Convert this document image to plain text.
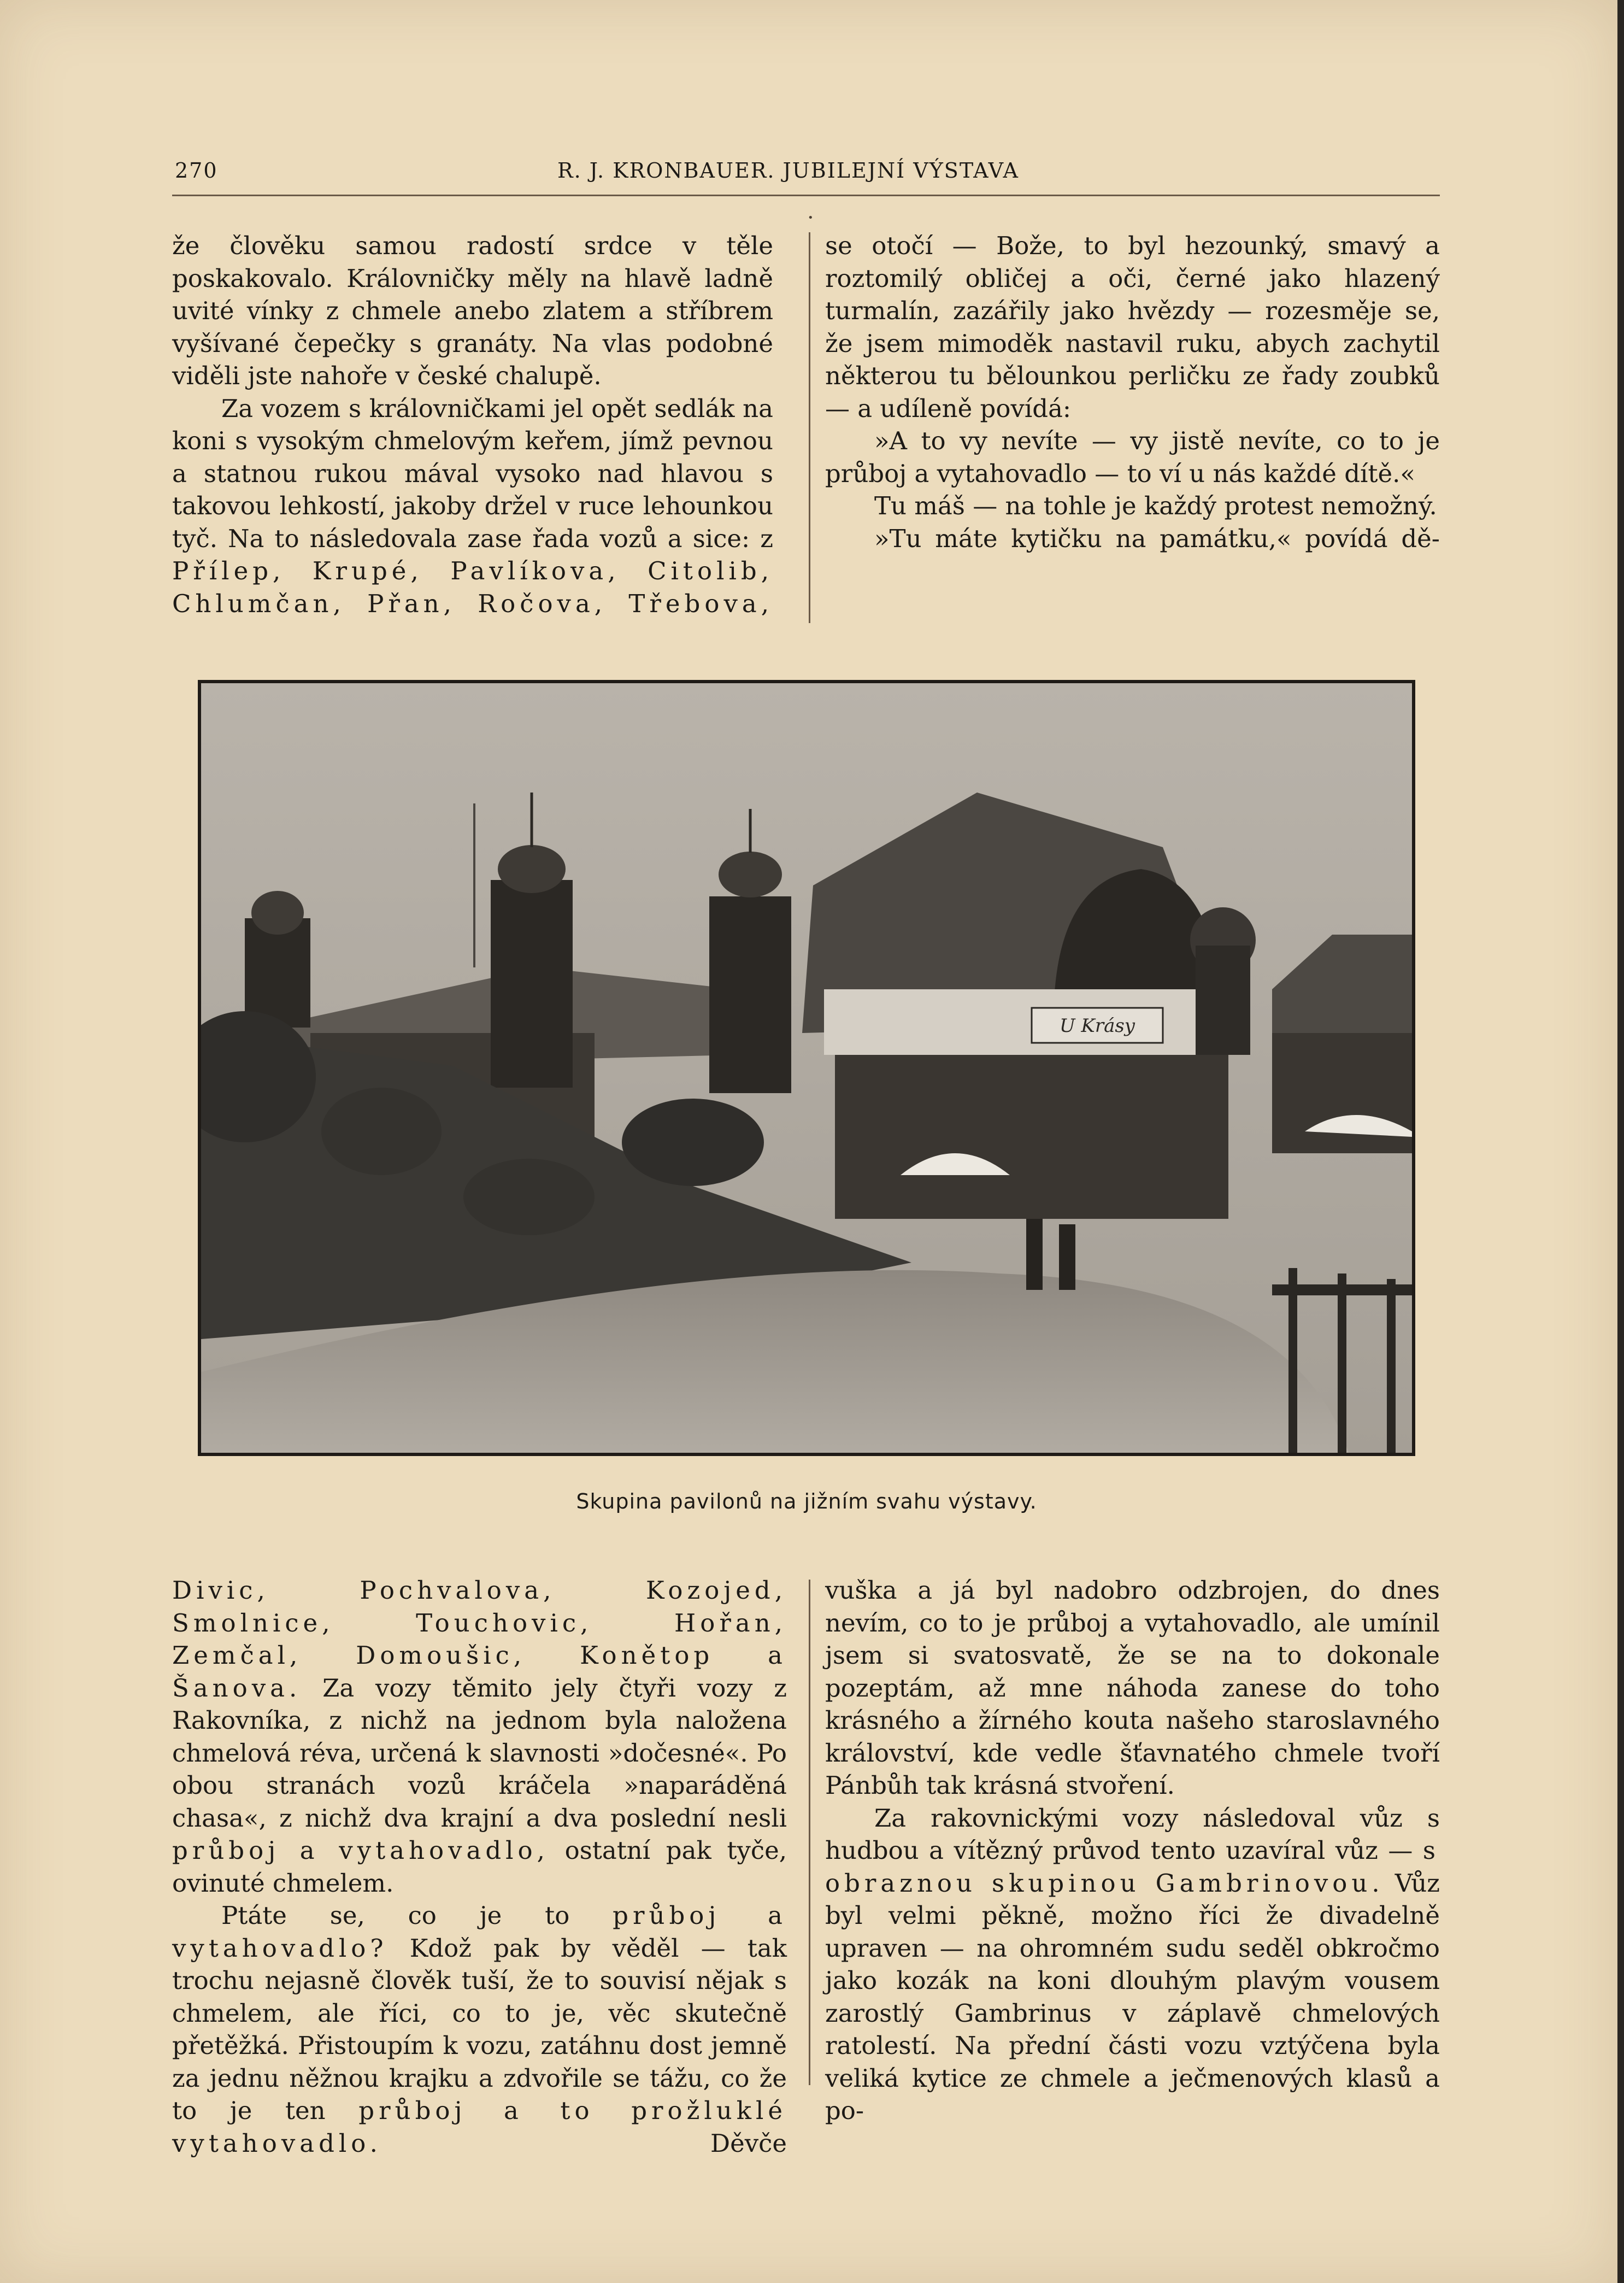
270	R. J. KRONBAUER. JUBILEJNÍ VÝSTAVA
•

že člověku samou radostí srdce v těle poskakovalo. Královničky měly na hlavě ladně uvité vínky z chmele anebo zlatem a stříbrem vyšívané čepečky s granáty. Na vlas podobné viděli jste nahoře v české chalupě.

Za vozem s královničkami jel opět sedlák na koni s vysokým chmelovým keřem, jímž pevnou a statnou rukou mával vysoko nad hlavou s takovou lehkostí, jakoby držel v ruce lehounkou tyč. Na to následovala zase řada vozů a sice: z Přílep, Krupé, Pavlíkova, Citolib, Chlumčan, Přan, Ročova, Třebova,

se otočí — Bože, to byl hezounký, smavý a roztomilý obličej a oči, černé jako hlazený turmalín, zazářily jako hvězdy — rozesměje se, že jsem mimoděk nastavil ruku, abych zachytil některou tu bělounkou perličku ze řady zoubků — a udíleně povídá:

»A to vy nevíte — vy jistě nevíte, co to je průboj a vytahovadlo — to ví u nás každé dítě.«

Tu máš — na tohle je každý protest nemožný.

»Tu máte kytičku na památku,« povídá dě-

U Krásy
Skupina pavilonů na jižním svahu výstavy.

Divic, Pochvalova, Kozojed, Smolnice, Touchovic, Hořan, Zemčal, Domoušic, Konětop a Šanova. Za vozy těmito jely čtyři vozy z Rakovníka, z nichž na jednom byla naložena chmelová réva, určená k slavnosti »dočesné«. Po obou stranách vozů kráčela »naparáděná chasa«, z nichž dva krajní a dva poslední nesli průboj a vytahovadlo, ostatní pak tyče, ovinuté chmelem.

Ptáte se, co je to průboj a vytahovadlo? Kdož pak by věděl — tak trochu nejasně člověk tuší, že to souvisí nějak s chmelem, ale říci, co to je, věc skutečně přetěžká. Přistoupím k vozu, zatáhnu dost jemně za jednu něžnou krajku a zdvořile se tážu, co že to je ten průboj a to prožluklé vytahovadlo.	Děvče

vuška a já byl nadobro odzbrojen, do dnes nevím, co to je průboj a vytahovadlo, ale umínil jsem si svatosvatě, že se na to dokonale pozeptám, až mne náhoda zanese do toho krásného a žírného kouta našeho staroslavného království, kde vedle šťavnatého chmele tvoří Pánbůh tak krásná stvoření.

Za rakovnickými vozy následoval vůz s hudbou a vítězný průvod tento uzavíral vůz — s obraznou skupinou Gambrinovou. Vůz byl velmi pěkně, možno říci že divadelně upraven — na ohromném sudu seděl obkročmo jako kozák na koni dlouhým plavým vousem zarostlý Gambrinus v záplavě chmelových ratolestí. Na přední části vozu vztýčena byla veliká kytice ze chmele a ječmenových klasů a po-
